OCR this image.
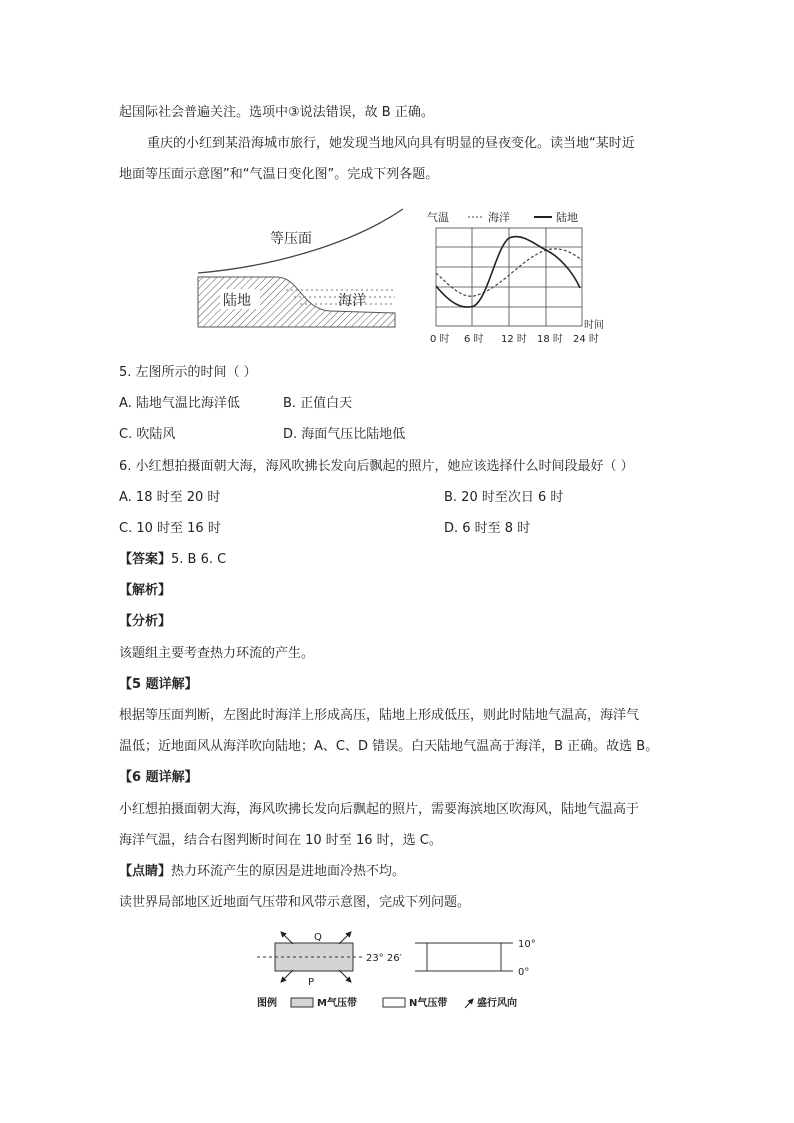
起国际社会普遍关注。选项中③说法错误，故 B 正确。
重庆的小红到某沿海城市旅行，她发现当地风向具有明显的昼夜变化。读当地“某时近
地面等压面示意图”和“气温日变化图”。完成下列各题。
等压面
陆地	海洋
气温	海洋	陆地
时间
0 时 6 时 12 时 18 时 24 时
5. 左图所示的时间（ ）
A. 陆地气温比海洋低	B. 正值白天
C. 吹陆风	D. 海面气压比陆地低
6. 小红想拍摄面朝大海，海风吹拂长发向后飘起的照片，她应该选择什么时间段最好（ ）
A. 18 时至 20 时	B. 20 时至次日 6 时
C. 10 时至 16 时	D. 6 时至 8 时
【答案】5. B 6. C
【解析】
【分析】
该题组主要考查热力环流的产生。
【5 题详解】
根据等压面判断，左图此时海洋上形成高压，陆地上形成低压，则此时陆地气温高，海洋气
温低；近地面风从海洋吹向陆地；A、C、D 错误。白天陆地气温高于海洋，B 正确。故选 B。
【6 题详解】
小红想拍摄面朝大海，海风吹拂长发向后飘起的照片，需要海滨地区吹海风，陆地气温高于
海洋气温，结合右图判断时间在 10 时至 16 时，选 C。
【点睛】热力环流产生的原因是进地面冷热不均。
读世界局部地区近地面气压带和风带示意图，完成下列问题。
Q
P
23° 26′
10°
0°
图例	M气压带	N气压带	盛行风向
